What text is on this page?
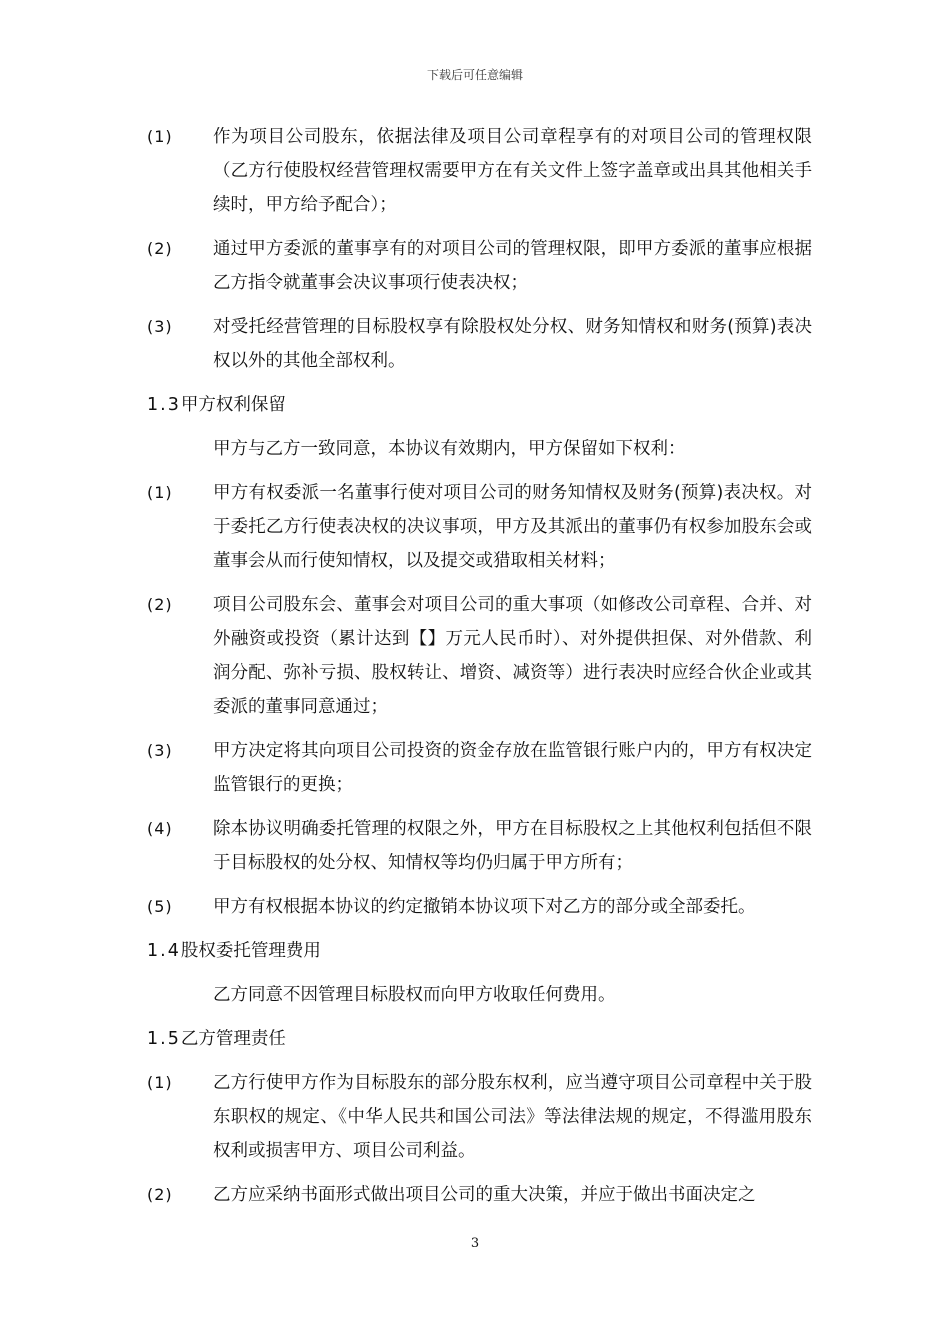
下载后可任意编辑
(1)	作为项目公司股东，依据法律及项目公司章程享有的对项目公司的管理权限（乙方行使股权经营管理权需要甲方在有关文件上签字盖章或出具其他相关手续时，甲方给予配合）；
(2)	通过甲方委派的董事享有的对项目公司的管理权限，即甲方委派的董事应根据乙方指令就董事会决议事项行使表决权；
(3)	对受托经营管理的目标股权享有除股权处分权、财务知情权和财务(预算)表决权以外的其他全部权利。
1.3甲方权利保留
甲方与乙方一致同意，本协议有效期内，甲方保留如下权利：
(1)	甲方有权委派一名董事行使对项目公司的财务知情权及财务(预算)表决权。对于委托乙方行使表决权的决议事项，甲方及其派出的董事仍有权参加股东会或董事会从而行使知情权，以及提交或猎取相关材料；
(2)	项目公司股东会、董事会对项目公司的重大事项（如修改公司章程、合并、对外融资或投资（累计达到【】万元人民币时）、对外提供担保、对外借款、利润分配、弥补亏损、股权转让、增资、减资等）进行表决时应经合伙企业或其委派的董事同意通过；
(3)	甲方决定将其向项目公司投资的资金存放在监管银行账户内的，甲方有权决定监管银行的更换；
(4)	除本协议明确委托管理的权限之外，甲方在目标股权之上其他权利包括但不限于目标股权的处分权、知情权等均仍归属于甲方所有；
(5)	甲方有权根据本协议的约定撤销本协议项下对乙方的部分或全部委托。
1.4股权委托管理费用
乙方同意不因管理目标股权而向甲方收取任何费用。
1.5乙方管理责任
(1)	乙方行使甲方作为目标股东的部分股东权利，应当遵守项目公司章程中关于股东职权的规定、《中华人民共和国公司法》等法律法规的规定，不得滥用股东权利或损害甲方、项目公司利益。
(2)	乙方应采纳书面形式做出项目公司的重大决策，并应于做出书面决定之
3
